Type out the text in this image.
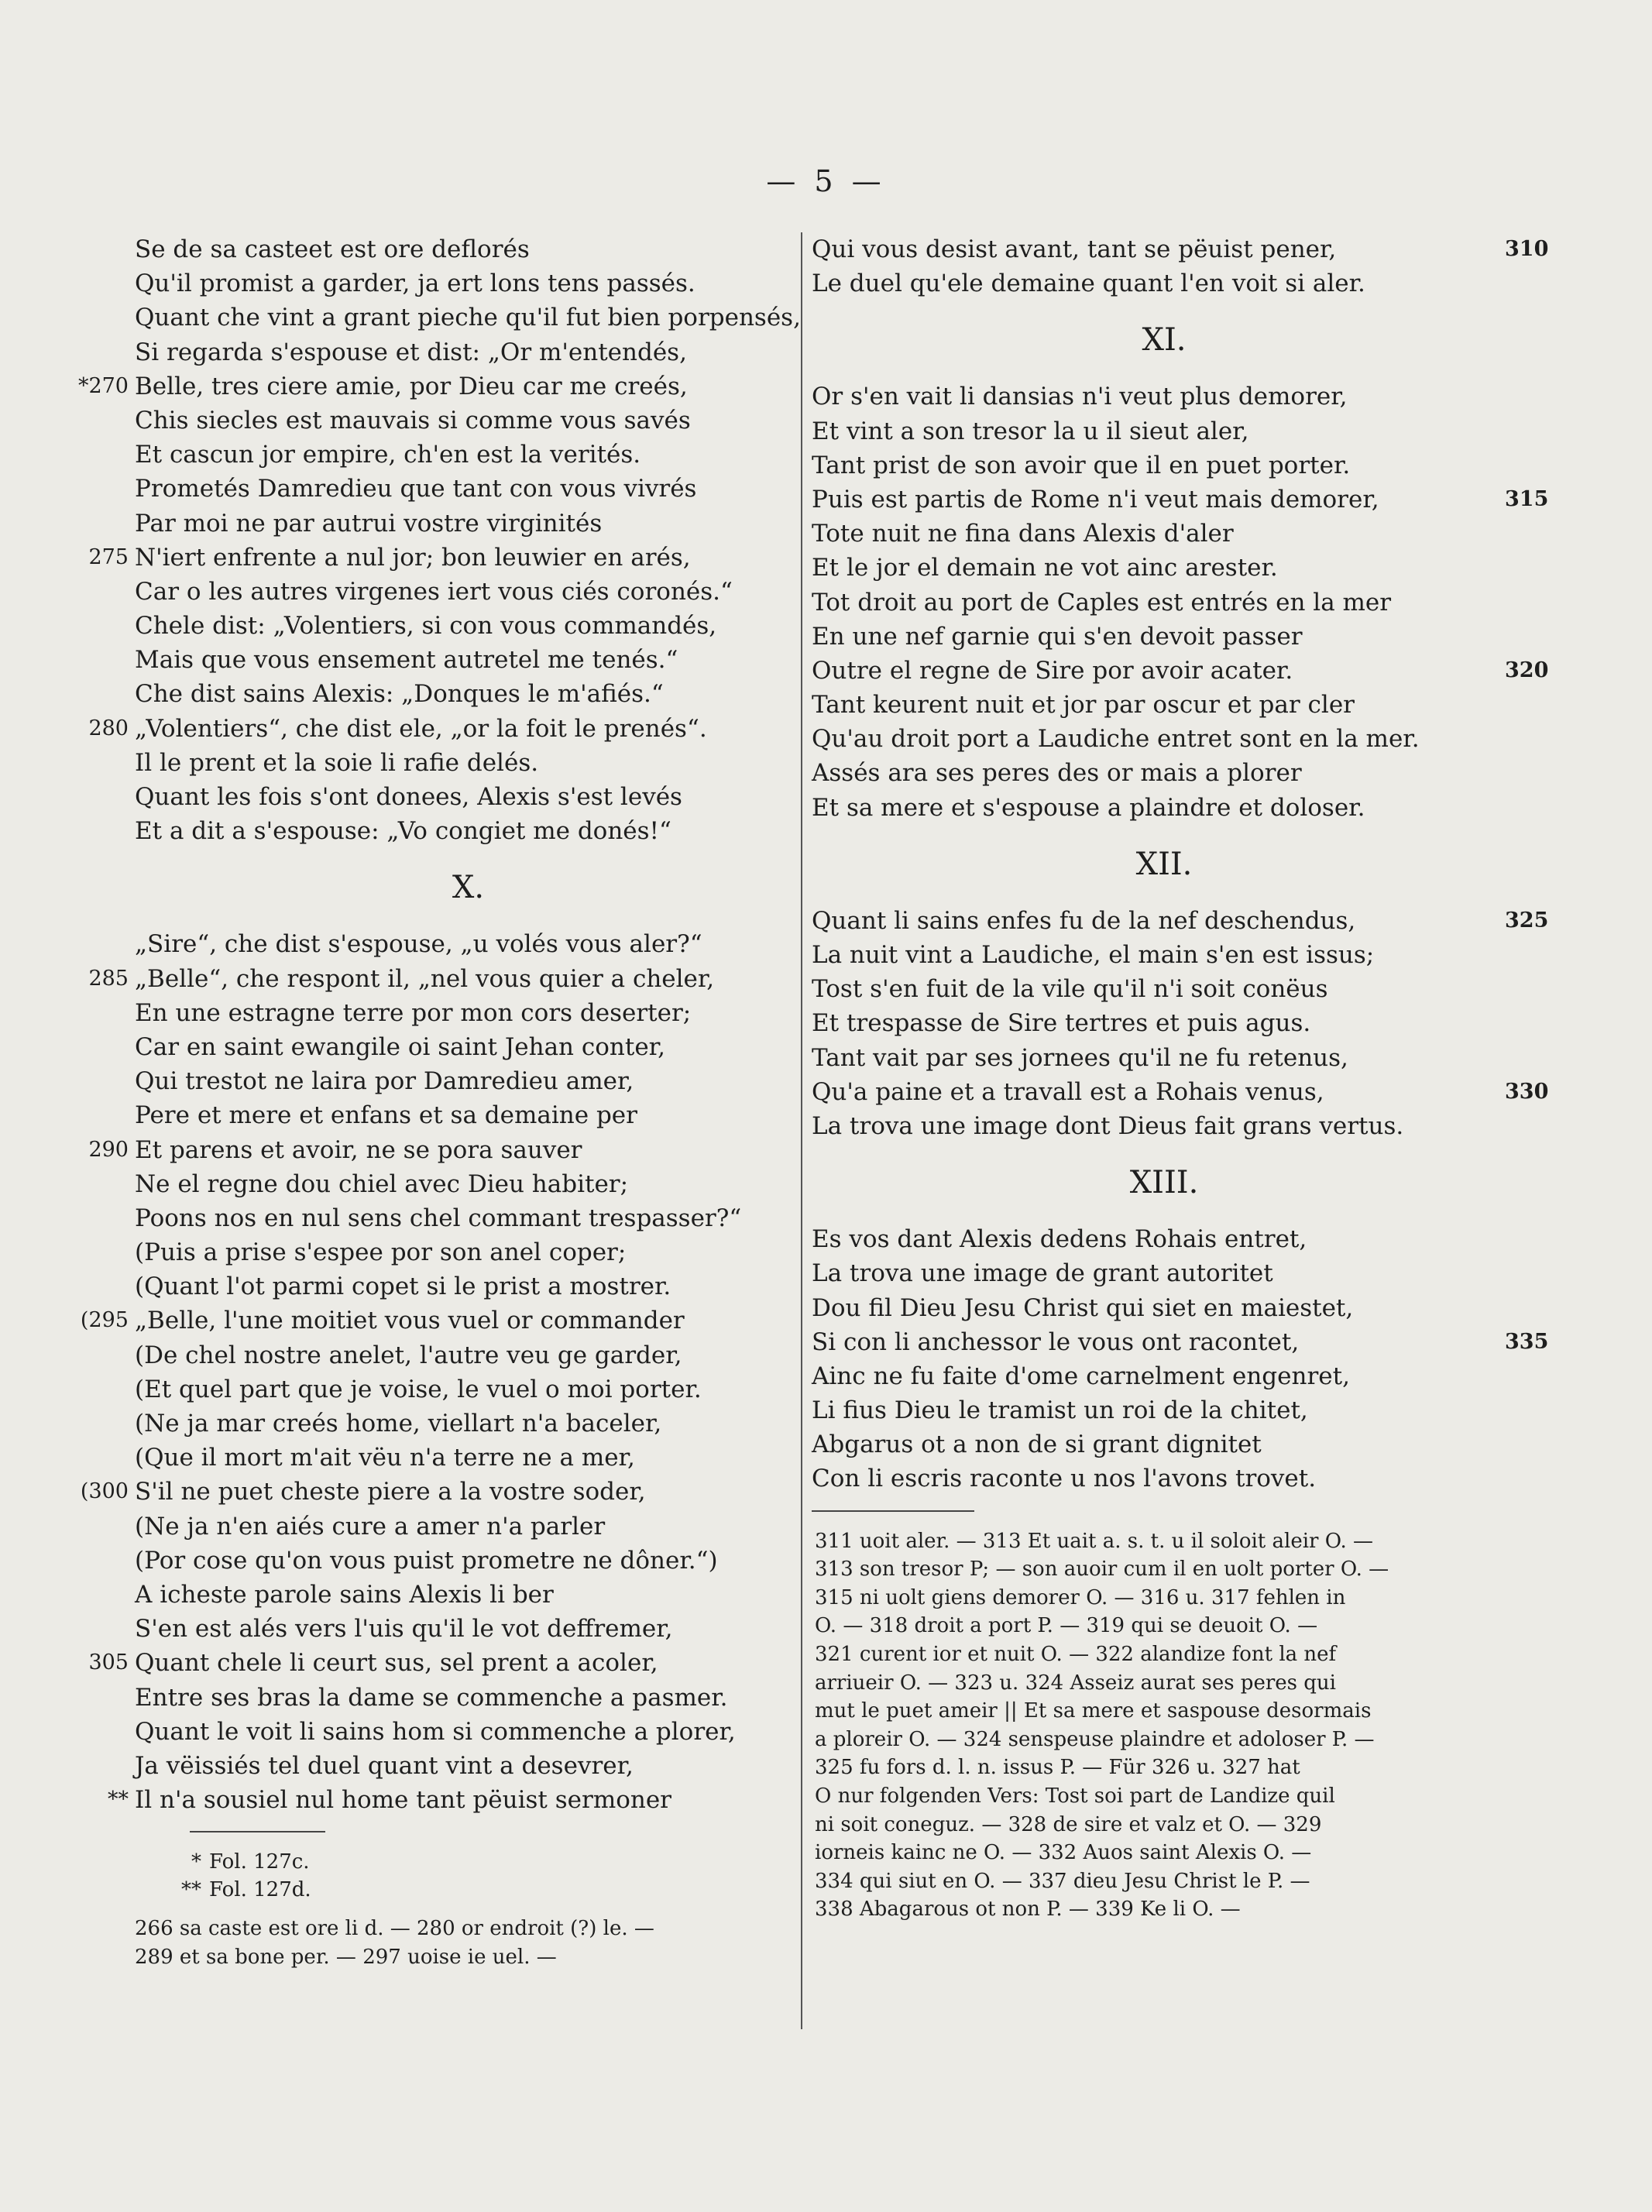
— 5 —
Se de sa casteet est ore deflorés
Qu'il promist a garder, ja ert lons tens passés.
Quant che vint a grant pieche qu'il fut bien porpensés,
Si regarda s'espouse et dist: „Or m'entendés,
*270 Belle, tres ciere amie, por Dieu car me creés,
Chis siecles est mauvais si comme vous savés
Et cascun jor empire, ch'en est la verités.
Prometés Damredieu que tant con vous vivrés
Par moi ne par autrui vostre virginités
275 N'iert enfrente a nul jor; bon leuwier en arés,
Car o les autres virgenes iert vous ciés coronés.“
Chele dist: „Volentiers, si con vous commandés,
Mais que vous ensement autretel me tenés.“
Che dist sains Alexis: „Donques le m'afiés.“
280 „Volentiers“, che dist ele, „or la foit le prenés“.
Il le prent et la soie li rafie delés.
Quant les fois s'ont donees, Alexis s'est levés
Et a dit a s'espouse: „Vo congiet me donés!“
X.
„Sire“, che dist s'espouse, „u volés vous aler?“
285 „Belle“, che respont il, „nel vous quier a cheler,
En une estragne terre por mon cors deserter;
Car en saint ewangile oi saint Jehan conter,
Qui trestot ne laira por Damredieu amer,
Pere et mere et enfans et sa demaine per
290 Et parens et avoir, ne se pora sauver
Ne el regne dou chiel avec Dieu habiter;
Poons nos en nul sens chel commant trespasser?“
(Puis a prise s'espee por son anel coper;
(Quant l'ot parmi copet si le prist a mostrer.
(295 „Belle, l'une moitiet vous vuel or commander
(De chel nostre anelet, l'autre veu ge garder,
(Et quel part que je voise, le vuel o moi porter.
(Ne ja mar creés home, viellart n'a baceler,
(Que il mort m'ait vëu n'a terre ne a mer,
(300 S'il ne puet cheste piere a la vostre soder,
(Ne ja n'en aiés cure a amer n'a parler
(Por cose qu'on vous puist prometre ne dôner.“)
A icheste parole sains Alexis li ber
S'en est alés vers l'uis qu'il le vot deffremer,
305 Quant chele li ceurt sus, sel prent a acoler,
Entre ses bras la dame se commenche a pasmer.
Quant le voit li sains hom si commenche a plorer,
Ja vëissiés tel duel quant vint a desevrer,
** Il n'a sousiel nul home tant pëuist sermoner
* Fol. 127c.
** Fol. 127d.
266 sa caste est ore li d. — 280 or endroit (?) le. —
289 et sa bone per. — 297 uoise ie uel. —
310
Qui vous desist avant, tant se pëuist pener,
Le duel qu'ele demaine quant l'en voit si aler.
XI.
Or s'en vait li dansias n'i veut plus demorer,
Et vint a son tresor la u il sieut aler,
Tant prist de son avoir que il en puet porter.
315
Puis est partis de Rome n'i veut mais demorer,
Tote nuit ne fina dans Alexis d'aler
Et le jor el demain ne vot ainc arester.
Tot droit au port de Caples est entrés en la mer
En une nef garnie qui s'en devoit passer
320
Outre el regne de Sire por avoir acater.
Tant keurent nuit et jor par oscur et par cler
Qu'au droit port a Laudiche entret sont en la mer.
Assés ara ses peres des or mais a plorer
Et sa mere et s'espouse a plaindre et doloser.
XII.
325
Quant li sains enfes fu de la nef deschendus,
La nuit vint a Laudiche, el main s'en est issus;
Tost s'en fuit de la vile qu'il n'i soit conëus
Et trespasse de Sire tertres et puis agus.
Tant vait par ses jornees qu'il ne fu retenus,
330
Qu'a paine et a travall est a Rohais venus,
La trova une image dont Dieus fait grans vertus.
XIII.
Es vos dant Alexis dedens Rohais entret,
La trova une image de grant autoritet
Dou fil Dieu Jesu Christ qui siet en maiestet,
335
Si con li anchessor le vous ont racontet,
Ainc ne fu faite d'ome carnelment engenret,
Li fius Dieu le tramist un roi de la chitet,
Abgarus ot a non de si grant dignitet
Con li escris raconte u nos l'avons trovet.
311 uoit aler. — 313 Et uait a. s. t. u il soloit aleir O. —
313 son tresor P; — son auoir cum il en uolt porter O. —
315 ni uolt giens demorer O. — 316 u. 317 fehlen in
O. — 318 droit a port P. — 319 qui se deuoit O. —
321 curent ior et nuit O. — 322 alandize font la nef
arriueir O. — 323 u. 324 Asseiz aurat ses peres qui
mut le puet ameir || Et sa mere et saspouse desormais
a ploreir O. — 324 senspeuse plaindre et adoloser P. —
325 fu fors d. l. n. issus P. — Für 326 u. 327 hat
O nur folgenden Vers: Tost soi part de Landize quil
ni soit coneguz. — 328 de sire et valz et O. — 329
iorneis kainc ne O. — 332 Auos saint Alexis O. —
334 qui siut en O. — 337 dieu Jesu Christ le P. —
338 Abagarous ot non P. — 339 Ke li O. —
